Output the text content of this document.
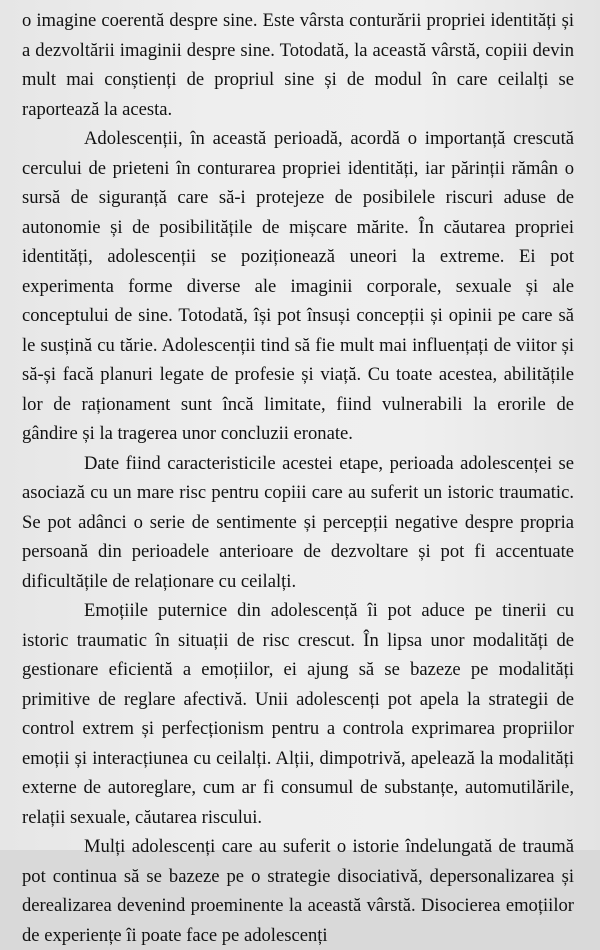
o imagine coerentă despre sine. Este vârsta conturării propriei identități și a dezvoltării imaginii despre sine. Totodată, la această vârstă, copiii devin mult mai conștienți de propriul sine și de modul în care ceilalți se raportează la acesta.

Adolescenții, în această perioadă, acordă o importanță crescută cercului de prieteni în conturarea propriei identități, iar părinții rămân o sursă de siguranță care să-i protejeze de posibilele riscuri aduse de autonomie și de posibilitățile de mișcare mărite. În căutarea propriei identități, adolescenții se poziționează uneori la extreme. Ei pot experimenta forme diverse ale imaginii corporale, sexuale și ale conceptului de sine. Totodată, își pot însuși concepții și opinii pe care să le susțină cu tărie. Adolescenții tind să fie mult mai influențați de viitor și să-și facă planuri legate de profesie și viață. Cu toate acestea, abilitățile lor de raționament sunt încă limitate, fiind vulnerabili la erorile de gândire și la tragerea unor concluzii eronate.

Date fiind caracteristicile acestei etape, perioada adolescenței se asociază cu un mare risc pentru copiii care au suferit un istoric traumatic. Se pot adânci o serie de sentimente și percepții negative despre propria persoană din perioadele anterioare de dezvoltare și pot fi accentuate dificultățile de relaționare cu ceilalți.

Emoțiile puternice din adolescență îi pot aduce pe tinerii cu istoric traumatic în situații de risc crescut. În lipsa unor modalități de gestionare eficientă a emoțiilor, ei ajung să se bazeze pe modalități primitive de reglare afectivă. Unii adolescenți pot apela la strategii de control extrem și perfecționism pentru a controla exprimarea propriilor emoții și interacțiunea cu ceilalți. Alții, dimpotrivă, apelează la modalități externe de autoreglare, cum ar fi consumul de substanțe, automutilările, relații sexuale, căutarea riscului.

Mulți adolescenți care au suferit o istorie îndelungată de traumă pot continua să se bazeze pe o strategie disociativă, depersonalizarea și derealizarea devenind proeminente la această vârstă. Disocierea emoțiilor de experiențe îi poate face pe adolescenți
